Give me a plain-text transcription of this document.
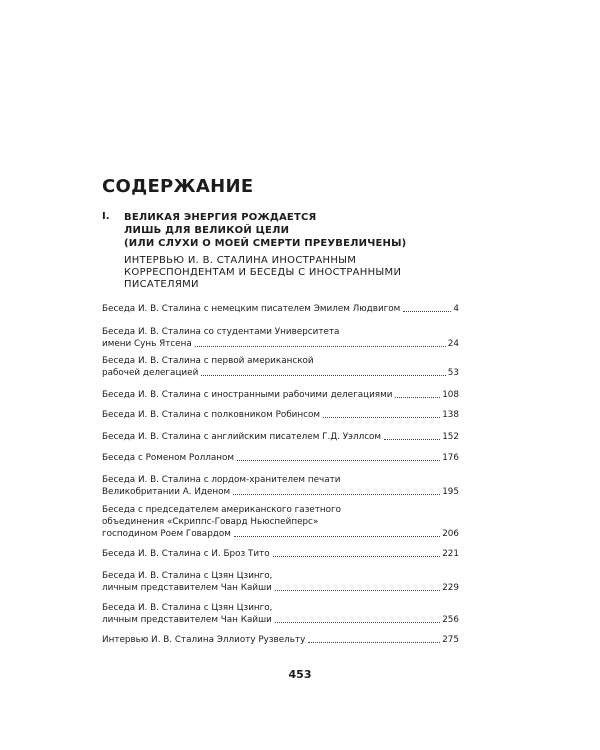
СОДЕРЖАНИЕ
I. ВЕЛИКАЯ ЭНЕРГИЯ РОЖДАЕТСЯ
ЛИШЬ ДЛЯ ВЕЛИКОЙ ЦЕЛИ
(ИЛИ СЛУХИ О МОЕЙ СМЕРТИ ПРЕУВЕЛИЧЕНЫ)
ИНТЕРВЬЮ И. В. СТАЛИНА ИНОСТРАННЫМ
КОРРЕСПОНДЕНТАМ И БЕСЕДЫ С ИНОСТРАННЫМИ
ПИСАТЕЛЯМИ
Беседа И. В. Сталина с немецким писателем Эмилем Людвигом	4
Беседа И. В. Сталина со студентами Университета
имени Сунь Ятсена	24
Беседа И. В. Сталина с первой американской
рабочей делегацией	53
Беседа И. В. Сталина с иностранными рабочими делегациями	108
Беседа И. В. Сталина с полковником Робинсом	138
Беседа И. В. Сталина с английским писателем Г.Д. Уэллсом	152
Беседа с Роменом Ролланом	176
Беседа И. В. Сталина с лордом-хранителем печати
Великобритании А. Иденом	195
Беседа с председателем американского газетного
объединения «Скриппс-Говард Ньюспейперс»
господином Роем Говардом	206
Беседа И. В. Сталина с И. Броз Тито	221
Беседа И. В. Сталина с Цзян Цзинго,
личным представителем Чан Кайши	229
Беседа И. В. Сталина с Цзян Цзинго,
личным представителем Чан Кайши	256
Интервью И. В. Сталина Эллиоту Рузвельту	275
453
